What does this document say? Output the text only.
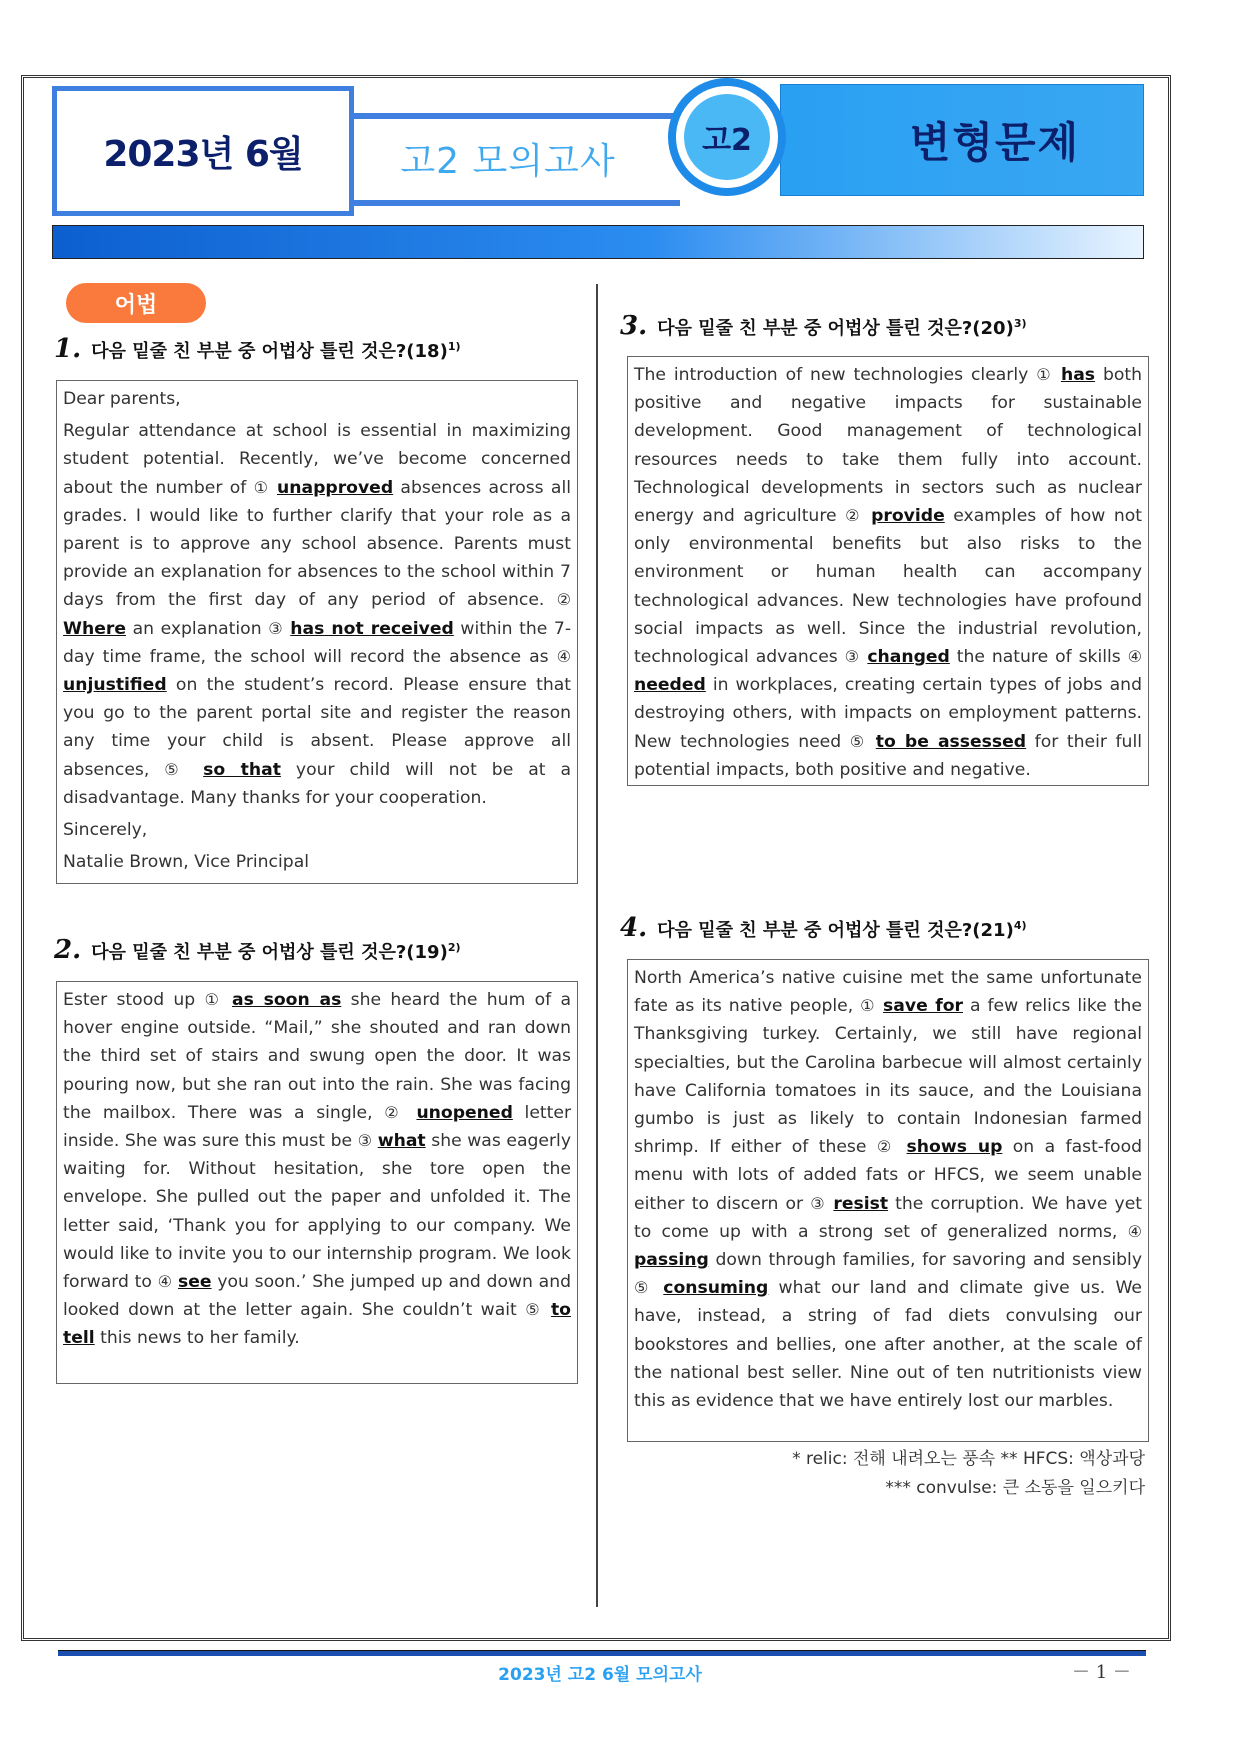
2023년 6월	고2 모의고사	변형문제
고2
어법
1. 다음 밑줄 친 부분 중 어법상 틀린 것은$?(18)^{1)}$

Dear parents,

Regular attendance at school is essential in maximizing student potential. Recently, we’ve become concerned about the number of ① unapproved absences across all grades. I would like to further clarify that your role as a parent is to approve any school absence. Parents must provide an explanation for absences to the school within 7 days from the first day of any period of absence. ② Where an explanation ③ has not received within the 7-day time frame, the school will record the absence as ④ unjustified on the student’s record. Please ensure that you go to the parent portal site and register the reason any time your child is absent. Please approve all absences, ⑤ so that your child will not be at a disadvantage. Many thanks for your cooperation.

Sincerely,

Natalie Brown, Vice Principal

2. 다음 밑줄 친 부분 중 어법상 틀린 것은$?(19)^{2)}$

Ester stood up ① as soon as she heard the hum of a hover engine outside. “Mail,” she shouted and ran down the third set of stairs and swung open the door. It was pouring now, but she ran out into the rain. She was facing the mailbox. There was a single, ② unopened letter inside. She was sure this must be ③ what she was eagerly waiting for. Without hesitation, she tore open the envelope. She pulled out the paper and unfolded it. The letter said, ‘Thank you for applying to our company. We would like to invite you to our internship program. We look forward to ④ see you soon.’ She jumped up and down and looked down at the letter again. She couldn’t wait ⑤ to tell this news to her family.

3. 다음 밑줄 친 부분 중 어법상 틀린 것은$?(20)^{3)}$

The introduction of new technologies clearly ① has both positive and negative impacts for sustainable development. Good management of technological resources needs to take them fully into account. Technological developments in sectors such as nuclear energy and agriculture ② provide examples of how not only environmental benefits but also risks to the environment or human health can accompany technological advances. New technologies have profound social impacts as well. Since the industrial revolution, technological advances ③ changed the nature of skills ④ needed in workplaces, creating certain types of jobs and destroying others, with impacts on employment patterns. New technologies need ⑤ to be assessed for their full potential impacts, both positive and negative.

4. 다음 밑줄 친 부분 중 어법상 틀린 것은$?(21)^{4)}$

North America’s native cuisine met the same unfortunate fate as its native people, ① save for a few relics like the Thanksgiving turkey. Certainly, we still have regional specialties, but the Carolina barbecue will almost certainly have California tomatoes in its sauce, and the Louisiana gumbo is just as likely to contain Indonesian farmed shrimp. If either of these ② shows up on a fast-food menu with lots of added fats or HFCS, we seem unable either to discern or ③ resist the corruption. We have yet to come up with a strong set of generalized norms, ④ passing down through families, for savoring and sensibly ⑤ consuming what our land and climate give us. We have, instead, a string of fad diets convulsing our bookstores and bellies, one after another, at the scale of the national best seller. Nine out of ten nutritionists view this as evidence that we have entirely lost our marbles.

* relic: 전해 내려오는 풍속 ** HFCS: 액상과당
*** convulse: 큰 소동을 일으키다
2023년 고2 6월 모의고사	－ 1 －
